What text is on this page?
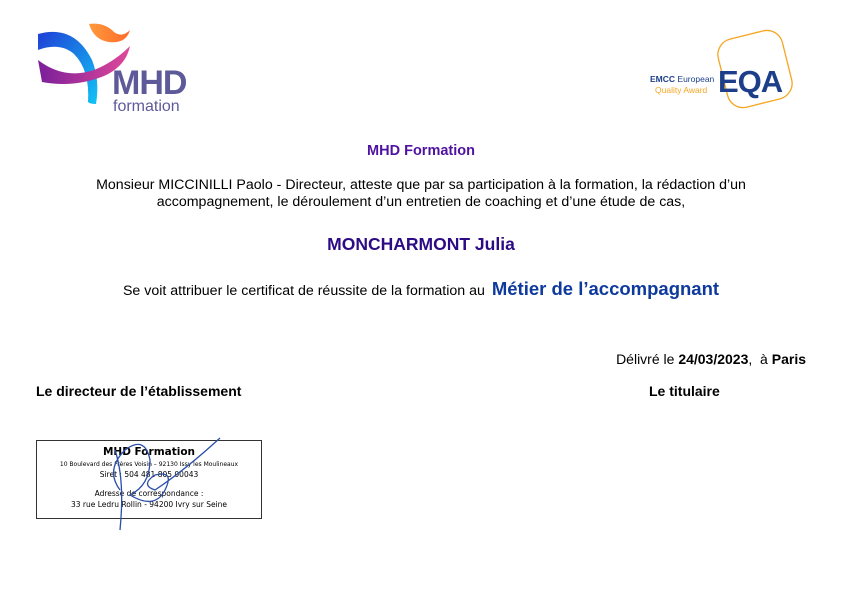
MHD
formation
EMCC European
Quality Award EQA
MHD Formation
Monsieur MICCINILLI Paolo - Directeur, atteste que par sa participation à la formation, la rédaction d’un accompagnement, le déroulement d’un entretien de coaching et d’une étude de cas,
MONCHARMONT Julia
Se voit attribuer le certificat de réussite de la formation au Métier de l’accompagnant
Délivré le 24/03/2023,  à Paris
Le directeur de l’établissement	Le titulaire
MHD Formation
10 Boulevard des Frères Voisin – 92130 Issy les Moulineaux
Siret : 504 481 805 00043
Adresse de correspondance :
33 rue Ledru Rollin - 94200 Ivry sur Seine
